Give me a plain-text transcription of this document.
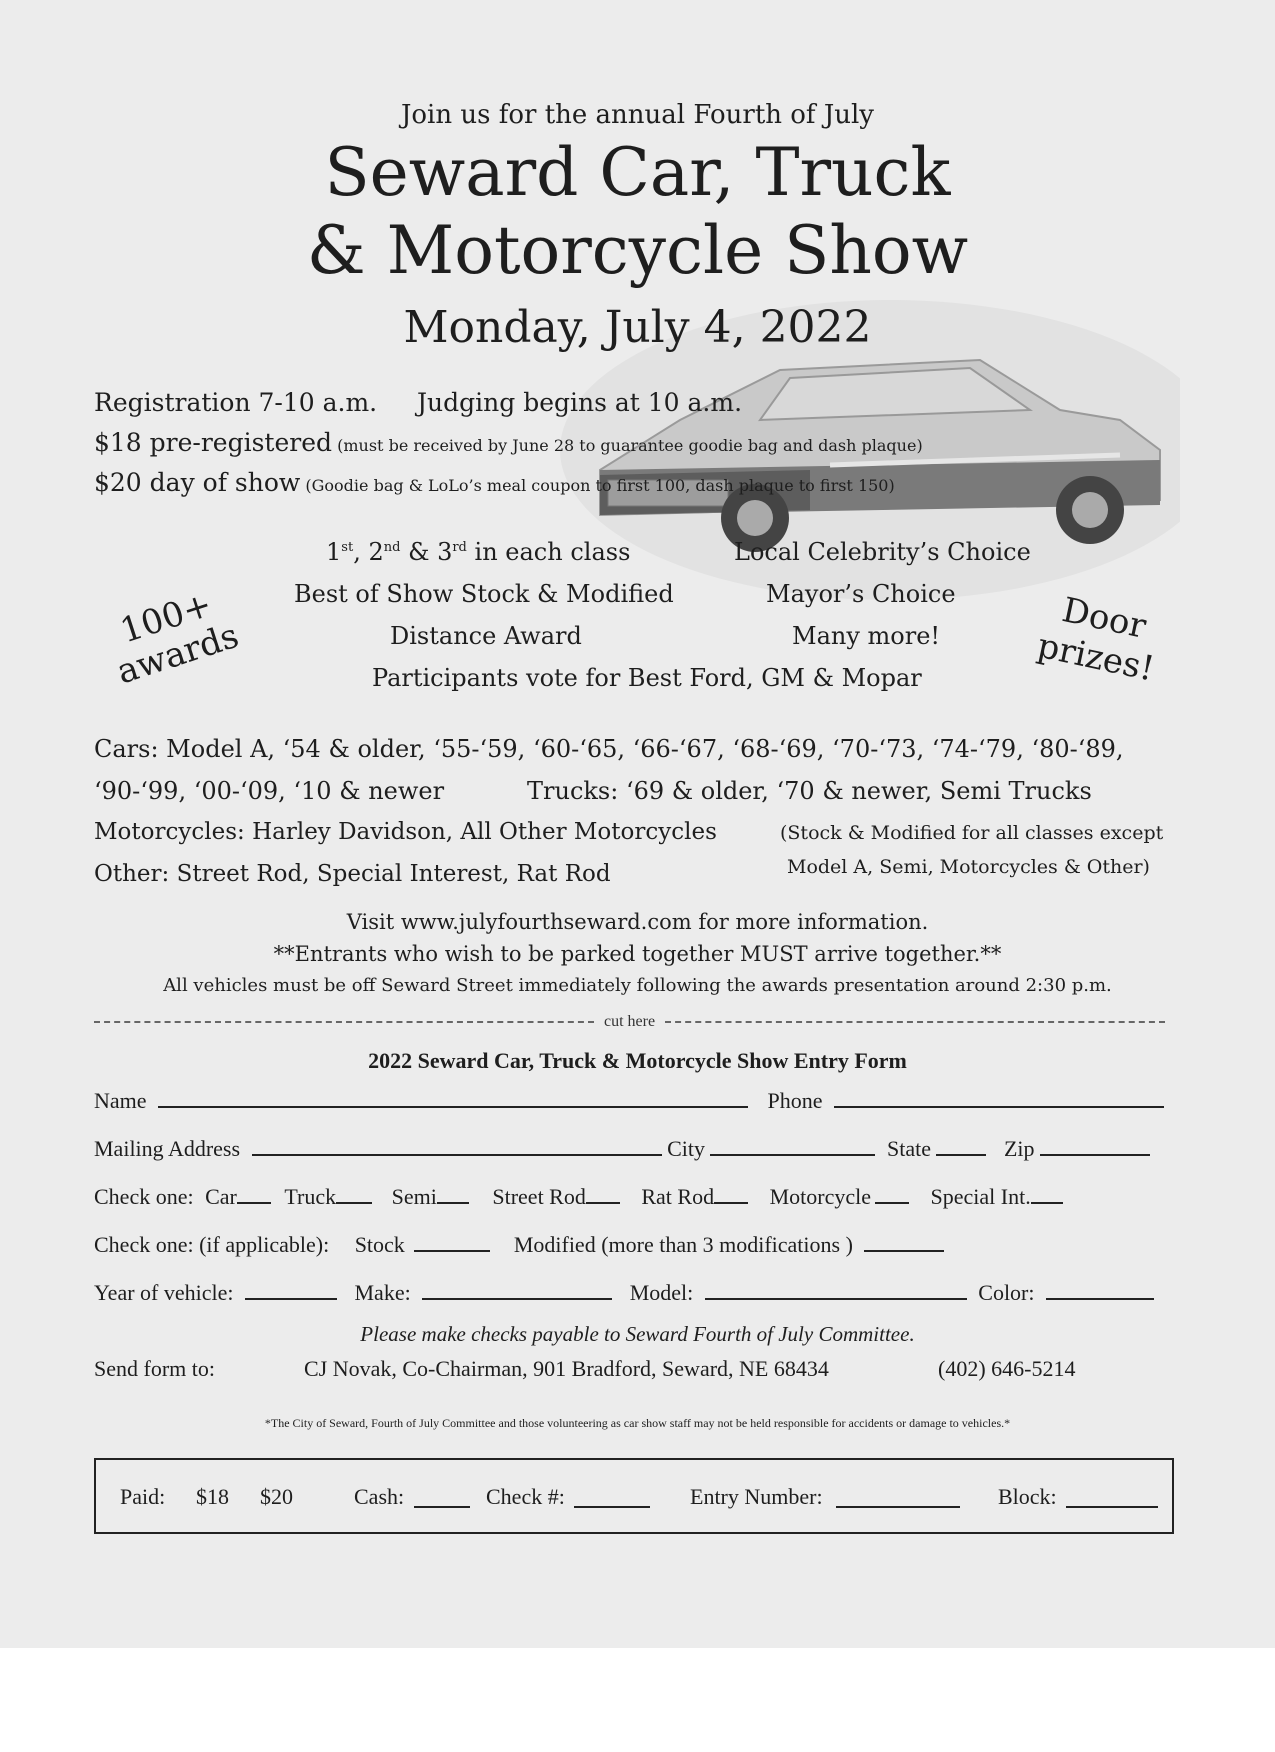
Join us for the annual Fourth of July
Seward Car, Truck
& Motorcycle Show
Monday, July 4, 2022
Registration 7-10 a.m. Judging begins at 10 a.m.
$18 pre-registered (must be received by June 28 to guarantee goodie bag and dash plaque)
$20 day of show (Goodie bag & LoLo’s meal coupon to first 100, dash plaque to first 150)
100+ awards	Door prizes!
1st, 2nd & 3rd in each class
Best of Show Stock & Modified
Distance Award
Participants vote for Best Ford, GM & Mopar
Local Celebrity’s Choice
Mayor’s Choice
Many more!
Cars: Model A, ‘54 & older, ‘55-‘59, ‘60-‘65, ‘66-‘67, ‘68-‘69, ‘70-‘73, ‘74-‘79, ‘80-‘89,
‘90-‘99, ‘00-‘09, ‘10 & newer	Trucks: ‘69 & older, ‘70 & newer, Semi Trucks
Motorcycles: Harley Davidson, All Other Motorcycles
Other: Street Rod, Special Interest, Rat Rod
(Stock & Modified for all classes except
Model A, Semi, Motorcycles & Other)
Visit www.julyfourthseward.com for more information.
**Entrants who wish to be parked together MUST arrive together.**
All vehicles must be off Seward Street immediately following the awards presentation around 2:30 p.m.
cut here
2022 Seward Car, Truck & Motorcycle Show Entry Form
Name	Phone
Mailing Address	City	State	Zip
Check one: Car Truck	Semi	Street Rod	Rat Rod	Motorcycle	Special Int.
Check one: (if applicable): Stock	Modified (more than 3 modifications )
Year of vehicle:	Make:	Model:	Color:
Please make checks payable to Seward Fourth of July Committee.
Send form to:	CJ Novak, Co-Chairman, 901 Bradford, Seward, NE 68434	(402) 646-5214
*The City of Seward, Fourth of July Committee and those volunteering as car show staff may not be held responsible for accidents or damage to vehicles.*
Paid: $18 $20	Cash:	Check #:	Entry Number:	Block:
